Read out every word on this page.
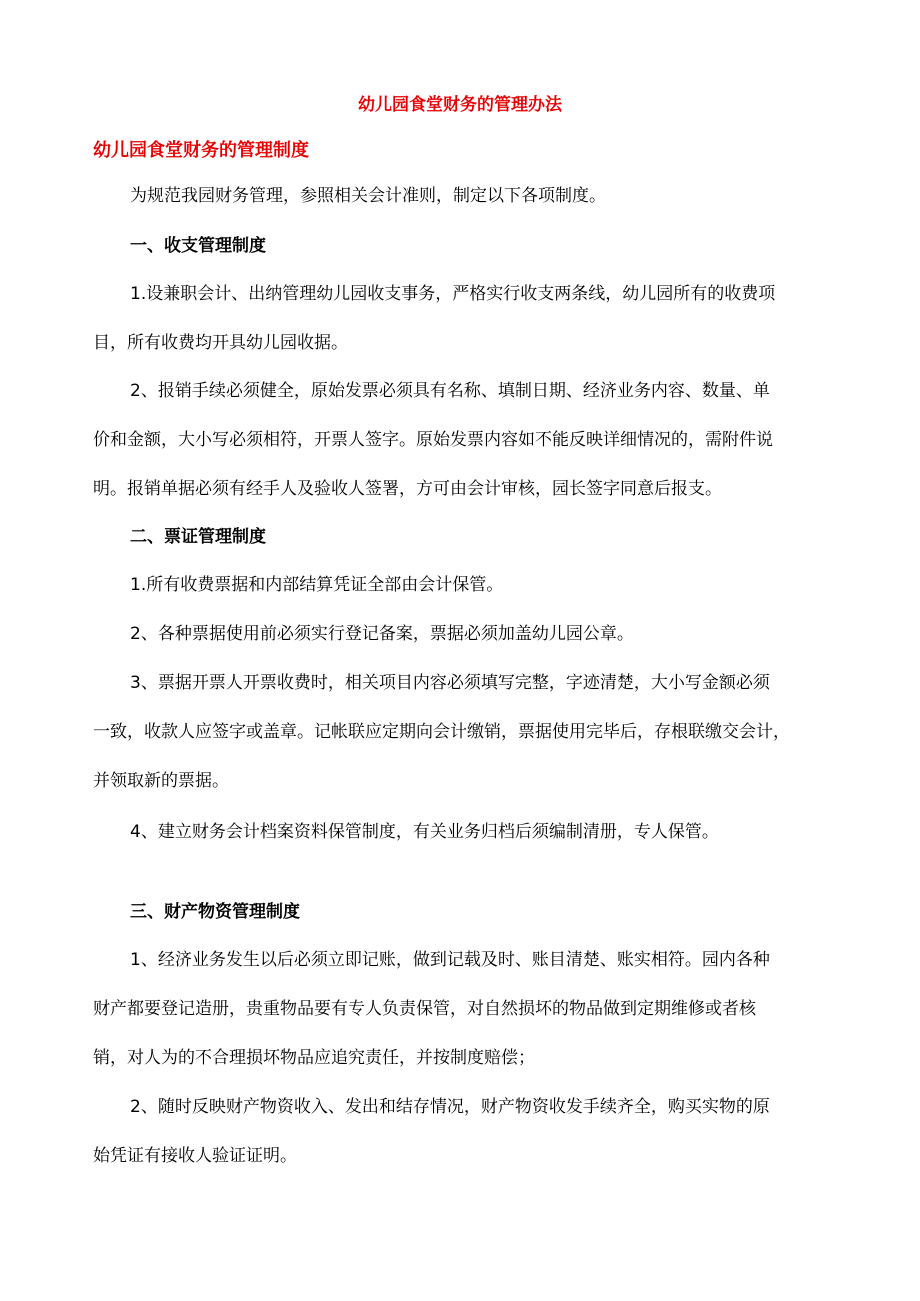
幼儿园食堂财务的管理办法
幼儿园食堂财务的管理制度
为规范我园财务管理，参照相关会计准则，制定以下各项制度。
一、收支管理制度
1.设兼职会计、出纳管理幼儿园收支事务，严格实行收支两条线，幼儿园所有的收费项
目，所有收费均开具幼儿园收据。
2、报销手续必须健全，原始发票必须具有名称、填制日期、经济业务内容、数量、单
价和金额，大小写必须相符，开票人签字。原始发票内容如不能反映详细情况的，需附件说
明。报销单据必须有经手人及验收人签署，方可由会计审核，园长签字同意后报支。
二、票证管理制度
1.所有收费票据和内部结算凭证全部由会计保管。
2、各种票据使用前必须实行登记备案，票据必须加盖幼儿园公章。
3、票据开票人开票收费时，相关项目内容必须填写完整，字迹清楚，大小写金额必须
一致，收款人应签字或盖章。记帐联应定期向会计缴销，票据使用完毕后，存根联缴交会计，
并领取新的票据。
4、建立财务会计档案资料保管制度，有关业务归档后须编制清册，专人保管。
三、财产物资管理制度
1、经济业务发生以后必须立即记账，做到记载及时、账目清楚、账实相符。园内各种
财产都要登记造册，贵重物品要有专人负责保管，对自然损坏的物品做到定期维修或者核
销，对人为的不合理损坏物品应追究责任，并按制度赔偿；
2、随时反映财产物资收入、发出和结存情况，财产物资收发手续齐全，购买实物的原
始凭证有接收人验证证明。
